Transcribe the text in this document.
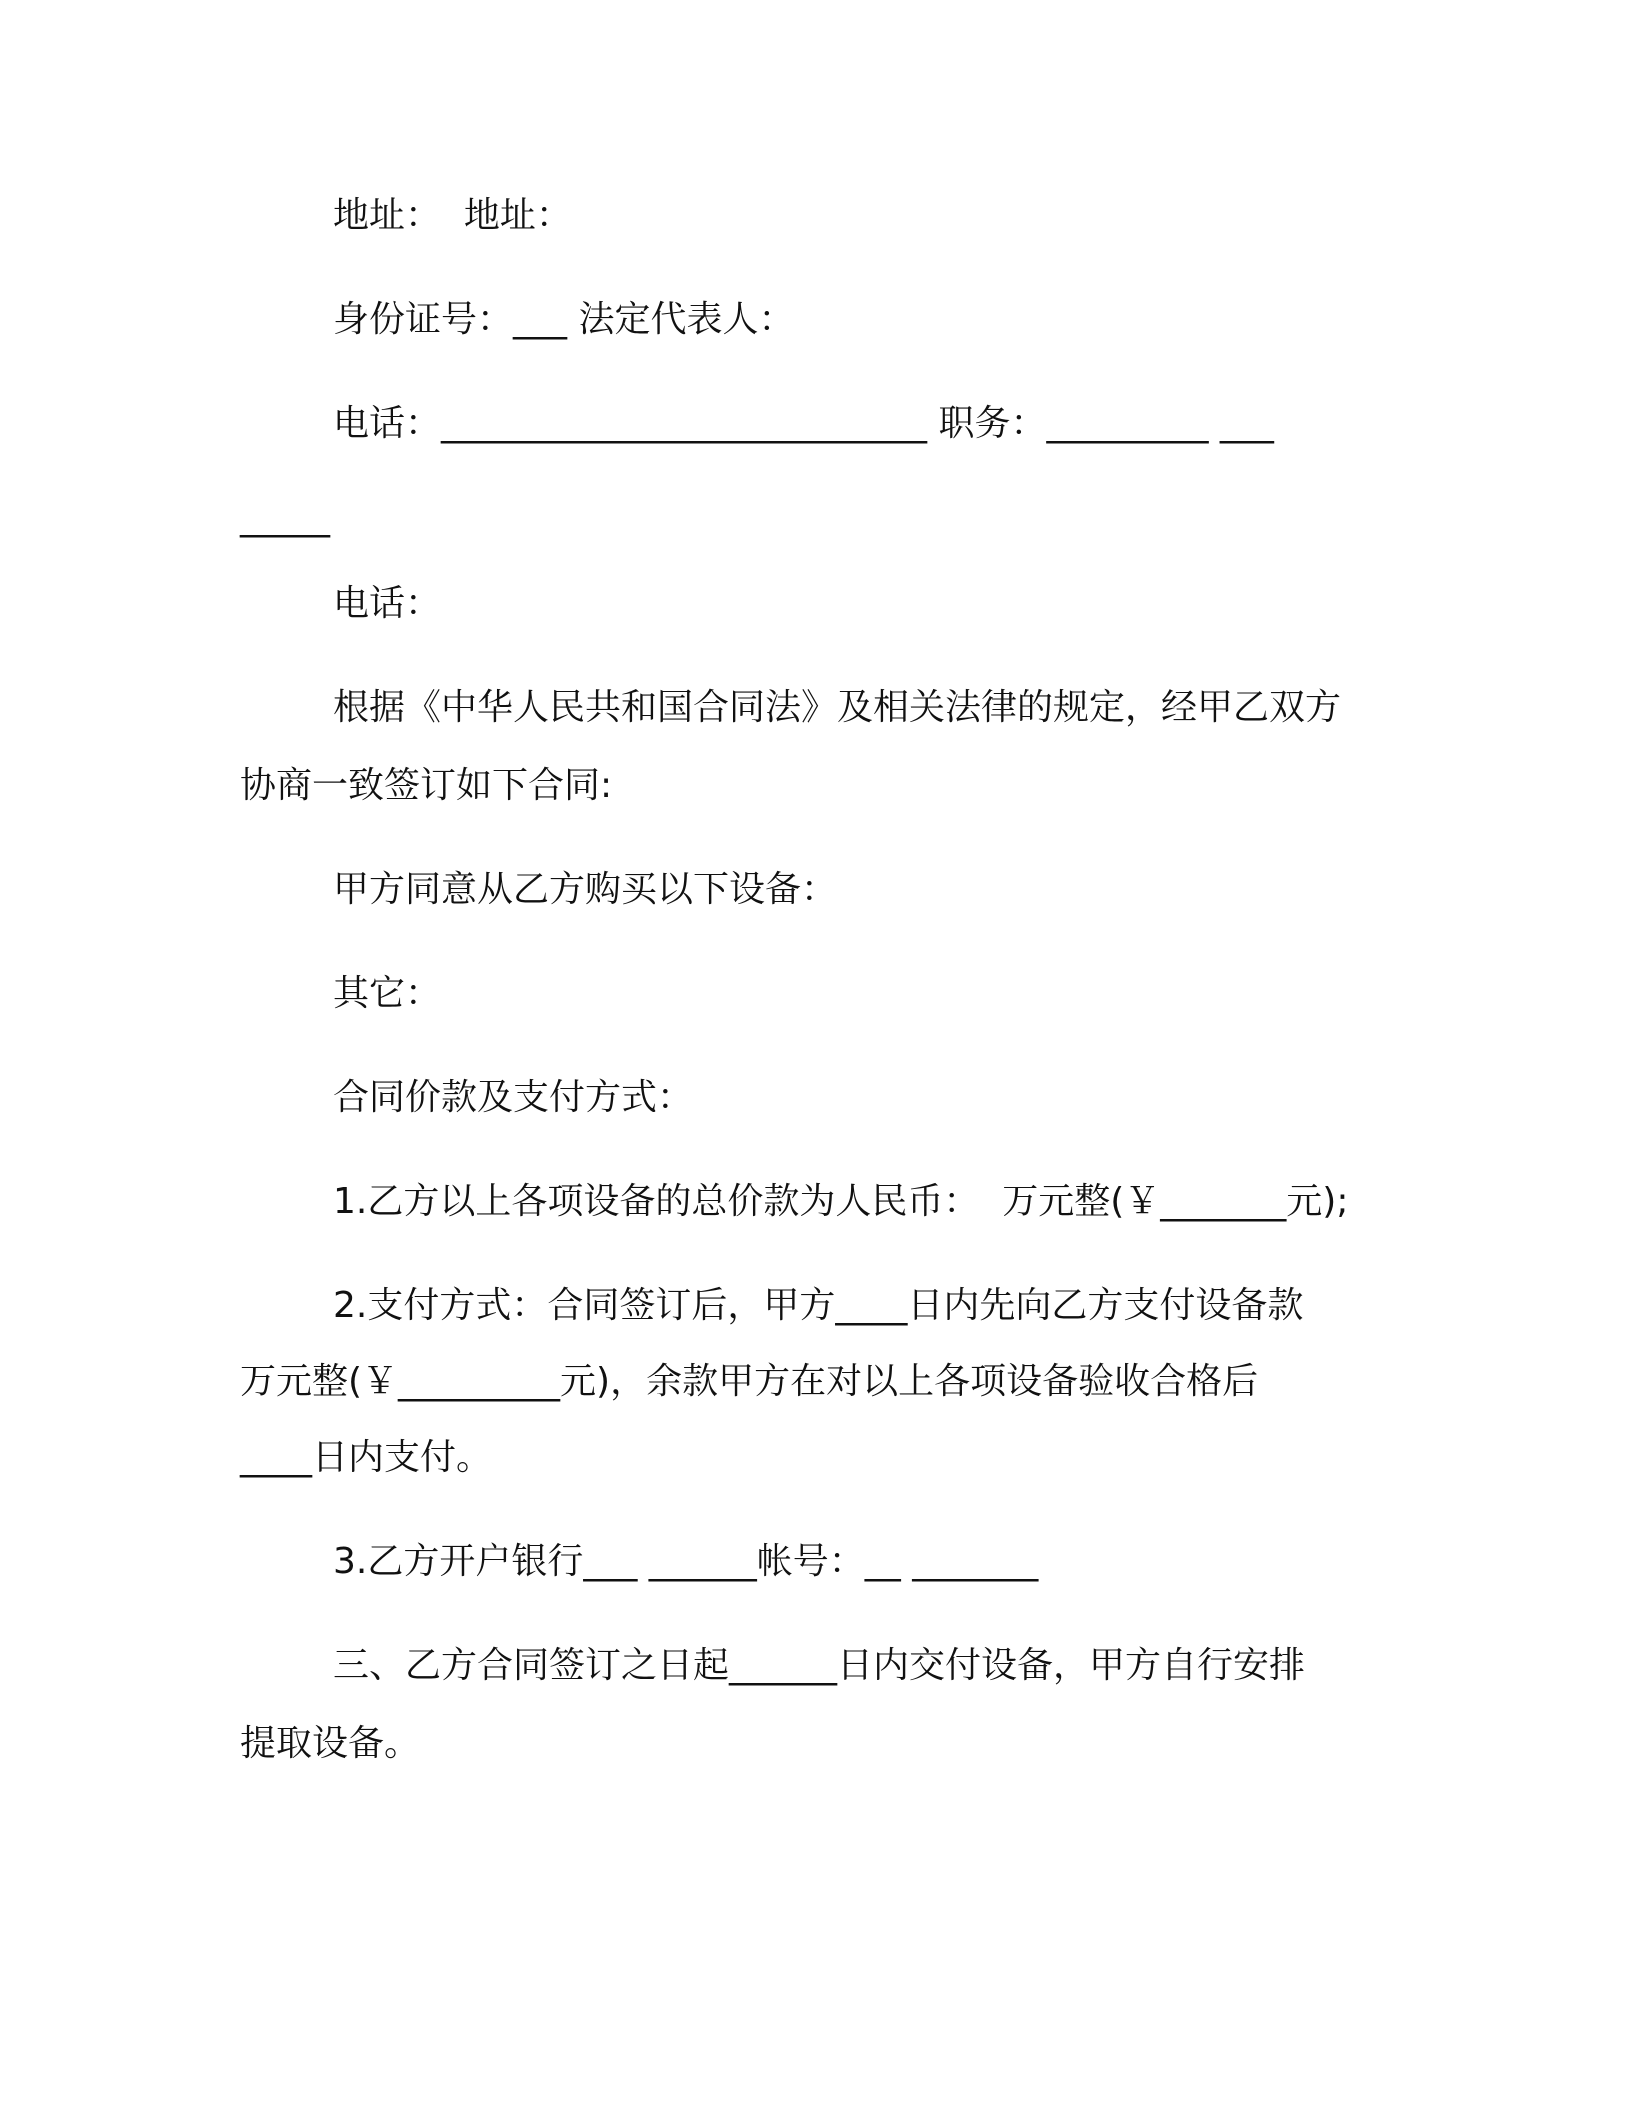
地址：  地址：
身份证号：___ 法定代表人：
电话：___________________________ 职务：_________ ___
_____
电话：
根据《中华人民共和国合同法》及相关法律的规定，经甲乙双方
协商一致签订如下合同:
甲方同意从乙方购买以下设备：
其它：
合同价款及支付方式：
1.乙方以上各项设备的总价款为人民币：  万元整(￥_______元);
2.支付方式：合同签订后，甲方____日内先向乙方支付设备款
万元整(￥_________元)，余款甲方在对以上各项设备验收合格后
____日内支付。
3.乙方开户银行___ ______帐号：__ _______
三、乙方合同签订之日起______日内交付设备，甲方自行安排
提取设备。
